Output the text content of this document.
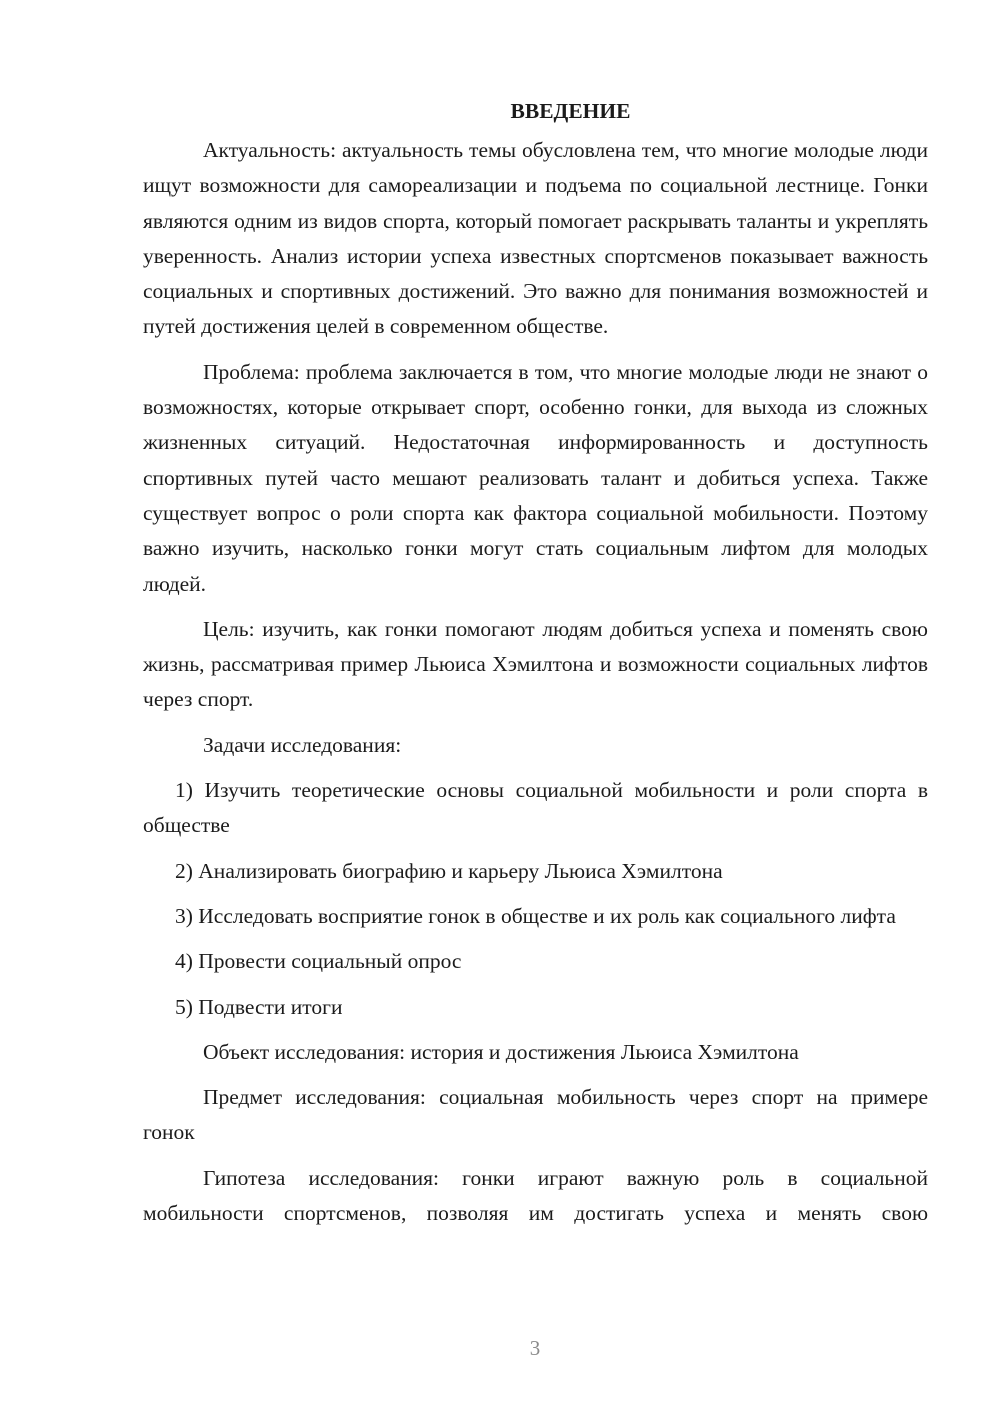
ВВЕДЕНИЕ

Актуальность: актуальность темы обусловлена тем, что многие молодые люди ищут возможности для самореализации и подъема по социальной лестнице. Гонки являются одним из видов спорта, который помогает раскрывать таланты и укреплять уверенность. Анализ истории успеха известных спортсменов показывает важность социальных и спортивных достижений. Это важно для понимания возможностей и путей достижения целей в современном обществе.

Проблема: проблема заключается в том, что многие молодые люди не знают о возможностях, которые открывает спорт, особенно гонки, для выхода из сложных жизненных ситуаций. Недостаточная информированность и доступность спортивных путей часто мешают реализовать талант и добиться успеха. Также существует вопрос о роли спорта как фактора социальной мобильности. Поэтому важно изучить, насколько гонки могут стать социальным лифтом для молодых людей.

Цель: изучить, как гонки помогают людям добиться успеха и поменять свою жизнь, рассматривая пример Льюиса Хэмилтона и возможности социальных лифтов через спорт.

Задачи исследования:

1) Изучить теоретические основы социальной мобильности и роли спорта в обществе

2) Анализировать биографию и карьеру Льюиса Хэмилтона

3) Исследовать восприятие гонок в обществе и их роль как социального лифта

4) Провести социальный опрос

5) Подвести итоги

Объект исследования: история и достижения Льюиса Хэмилтона

Предмет исследования: социальная мобильность через спорт на примере гонок

Гипотеза исследования: гонки играют важную роль в социальной мобильности спортсменов, позволяя им достигать успеха и менять свою

3
